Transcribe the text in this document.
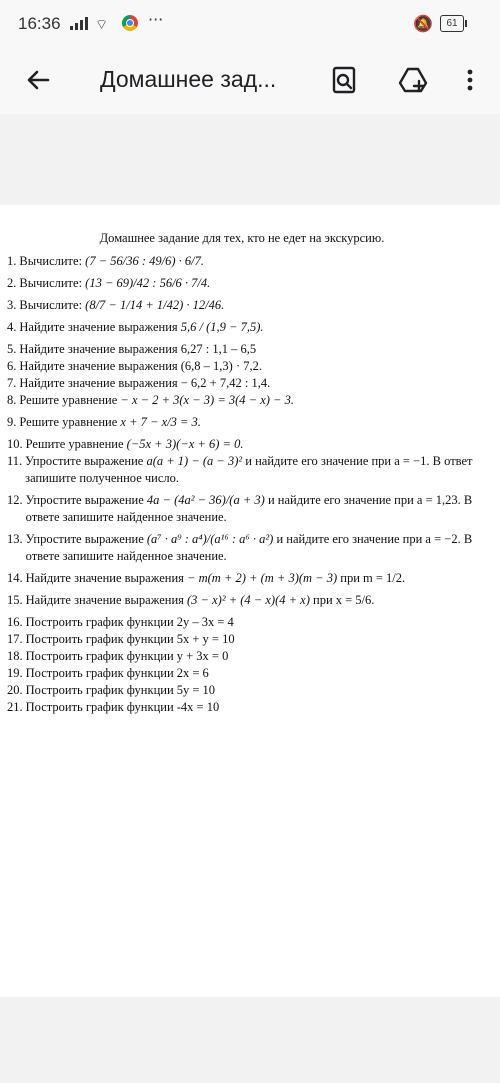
16:36 ⌔ ···	🔕	61
Домашнее зад...
Домашнее задание для тех, кто не едет на экскурсию.
1. Вычислите: (7 − 56/36 : 49/6) · 6/7.
2. Вычислите: (13 − 69)/42 : 56/6 · 7/4.
3. Вычислите: (8/7 − 1/14 + 1/42) · 12/46.
4. Найдите значение выражения 5,6 / (1,9 − 7,5).
5. Найдите значение выражения 6,27 : 1,1 – 6,5
6. Найдите значение выражения (6,8 – 1,3) · 7,2.
7. Найдите значение выражения − 6,2 + 7,42 : 1,4.
8. Решите уравнение − x − 2 + 3(x − 3) = 3(4 − x) − 3.
9. Решите уравнение x + 7 − x/3 = 3.
10. Решите уравнение (−5x + 3)(−x + 6) = 0.
11. Упростите выражение a(a + 1) − (a − 3)² и найдите его значение при a = −1. В ответ запишите полученное число.
12. Упростите выражение 4a − (4a² − 36)/(a + 3) и найдите его значение при a = 1,23. В ответе запишите найденное значение.
13. Упростите выражение (a⁷ · a⁹ : a⁴)/(a¹⁶ : a⁶ · a²) и найдите его значение при a = −2. В ответе запишите найденное значение.
14. Найдите значение выражения − m(m + 2) + (m + 3)(m − 3) при m = 1/2.
15. Найдите значение выражения (3 − x)² + (4 − x)(4 + x) при x = 5/6.
16. Построить график функции 2y – 3x = 4
17. Построить график функции 5x + y = 10
18. Построить график функции y + 3x = 0
19. Построить график функции 2x = 6
20. Построить график функции 5y = 10
21. Построить график функции -4x = 10
